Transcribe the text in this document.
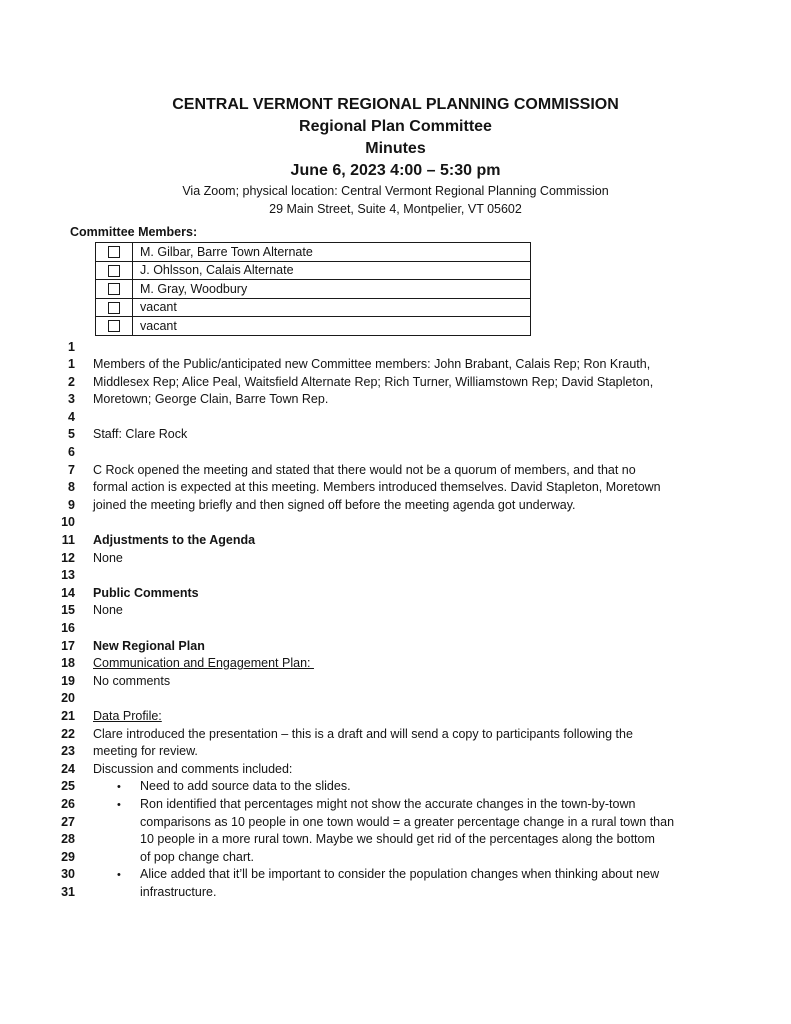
CENTRAL VERMONT REGIONAL PLANNING COMMISSION
Regional Plan Committee
Minutes
June 6, 2023 4:00 – 5:30 pm
Via Zoom; physical location: Central Vermont Regional Planning Commission
29 Main Street, Suite 4, Montpelier, VT 05602
Committee Members:
	M. Gilbar, Barre Town Alternate
	J. Ohlsson, Calais Alternate
	M. Gray, Woodbury
	vacant
	vacant
1
1 Members of the Public/anticipated new Committee members: John Brabant, Calais Rep; Ron Krauth,
2 Middlesex Rep; Alice Peal, Waitsfield Alternate Rep; Rich Turner, Williamstown Rep; David Stapleton,
3 Moretown; George Clain, Barre Town Rep.
4
5 Staff: Clare Rock
6
7 C Rock opened the meeting and stated that there would not be a quorum of members, and that no
8 formal action is expected at this meeting. Members introduced themselves. David Stapleton, Moretown
9 joined the meeting briefly and then signed off before the meeting agenda got underway.
10
11 Adjustments to the Agenda
12 None
13
14 Public Comments
15 None
16
17 New Regional Plan
18 Communication and Engagement Plan:
19 No comments
20
21 Data Profile:
22 Clare introduced the presentation – this is a draft and will send a copy to participants following the
23 meeting for review.
24 Discussion and comments included:
25	• Need to add source data to the slides.
26	• Ron identified that percentages might not show the accurate changes in the town-by-town
27	comparisons as 10 people in one town would = a greater percentage change in a rural town than
28	10 people in a more rural town. Maybe we should get rid of the percentages along the bottom
29	of pop change chart.
30	• Alice added that it’ll be important to consider the population changes when thinking about new
31	infrastructure.
